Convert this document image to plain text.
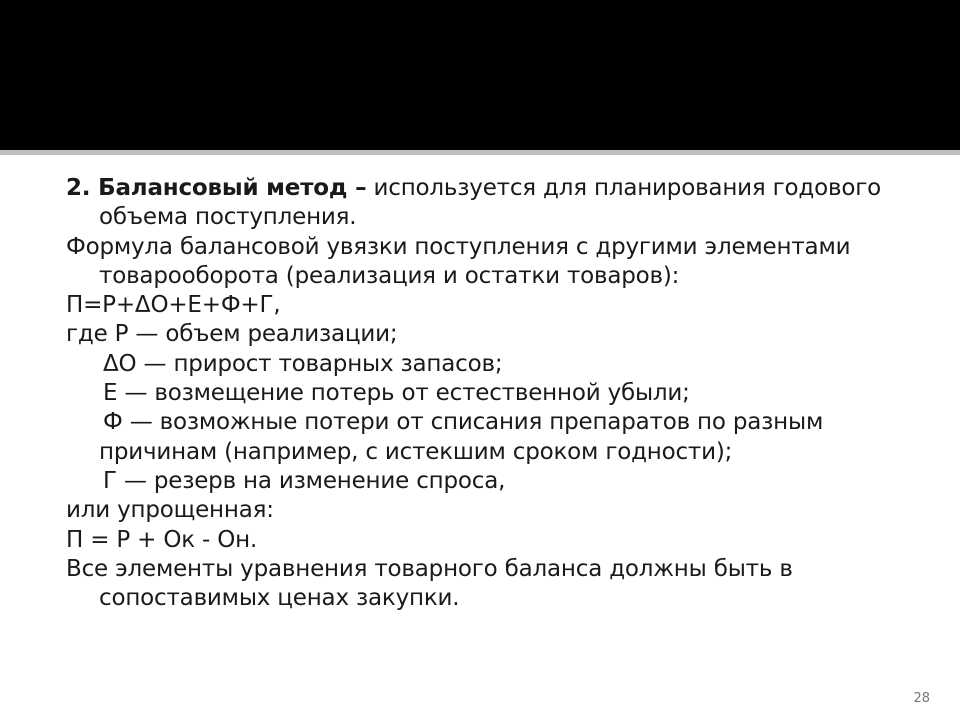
2. Балансовый метод – используется для планирования годового объема поступления.

Формула балансовой увязки поступления с другими элементами товарооборота (реализация и остатки товаров):

П=Р+ΔО+Е+Ф+Г,

где Р — объем реализации;

ΔО — прирост товарных запасов;

Е — возмещение потерь от естественной убыли;

Ф — возможные потери от списания препаратов по разным причинам (например, с истекшим сроком годности);

Г — резерв на изменение спроса,

или упрощенная:

П = Р + Ок - Он.

Все элементы уравнения товарного баланса должны быть в сопоставимых ценах закупки.

28
